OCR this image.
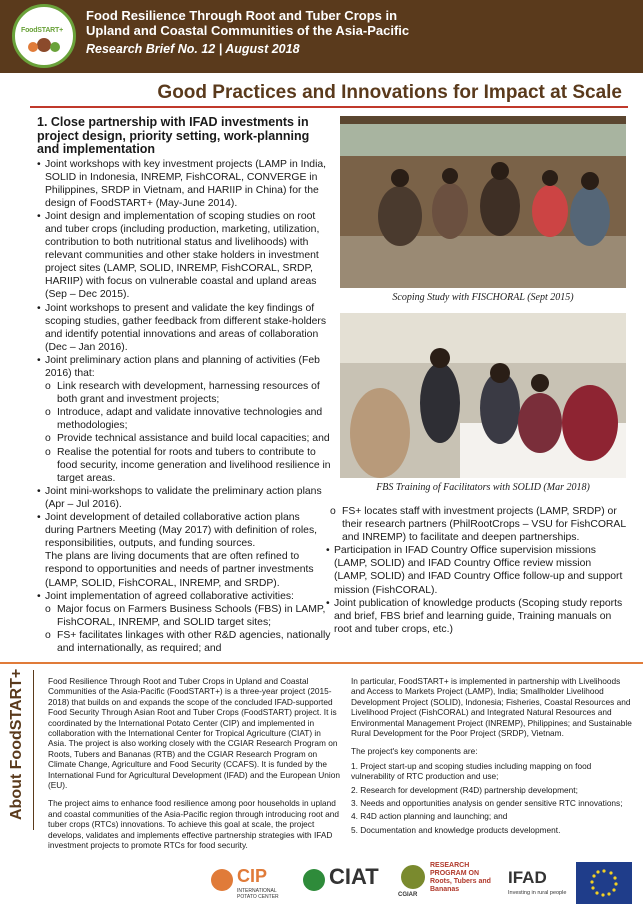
FoodSTART+
Food Resilience Through Root and Tuber Crops in Upland and Coastal Communities of the Asia-Pacific
Research Brief No. 12 | August 2018
Good Practices and Innovations for Impact at Scale
1. Close partnership with IFAD investments in project design, priority setting, work-planning and implementation
• Joint workshops with key investment projects (LAMP in India, SOLID in Indonesia, INREMP, FishCORAL, CONVERGE in Philippines, SRDP in Vietnam, and HARIIP in China) for the design of FoodSTART+ (May-June 2014).
• Joint design and implementation of scoping studies on root and tuber crops (including production, marketing, utilization, contribution to both nutritional status and livelihoods) with relevant communities and other stake holders in investment project sites (LAMP, SOLID, INREMP, FishCORAL, SRDP, HARIIP) with focus on vulnerable coastal and upland areas (Sep – Dec 2015).
• Joint workshops to present and validate the key findings of scoping studies, gather feedback from different stake-holders and identify potential innovations and areas of collaboration (Dec – Jan 2016).
• Joint preliminary action plans and planning of activities (Feb 2016) that:
o Link research with development, harnessing resources of both grant and investment projects;
o Introduce, adapt and validate innovative technologies and methodologies;
o Provide technical assistance and build local capacities; and
o Realise the potential for roots and tubers to contribute to food security, income generation and livelihood resilience in target areas.
• Joint mini-workshops to validate the preliminary action plans (Apr – Jul 2016).
• Joint development of detailed collaborative action plans during Partners Meeting (May 2017) with definition of roles, responsibilities, outputs, and funding sources.
The plans are living documents that are often refined to respond to opportunities and needs of partner investments (LAMP, SOLID, FishCORAL, INREMP, and SRDP).
• Joint implementation of agreed collaborative activities:
o Major focus on Farmers Business Schools (FBS) in LAMP, FishCORAL, INREMP, and SOLID target sites;
o FS+ facilitates linkages with other R&D agencies, nationally and internationally, as required; and
Scoping Study with FISCHORAL (Sept 2015)
FBS Training of Facilitators with SOLID (Mar 2018)
o FS+ locates staff with investment projects (LAMP, SRDP) or their research partners (PhilRootCrops – VSU for FishCORAL and INREMP) to facilitate and deepen partnerships.
• Participation in IFAD Country Office supervision missions (LAMP, SOLID) and IFAD Country Office review mission (LAMP, SOLID) and IFAD Country Office follow-up and support mission (FishCORAL).
• Joint publication of knowledge products (Scoping study reports and brief, FBS brief and learning guide, Training manuals on root and tuber crops, etc.)
About FoodSTART+	Food Resilience Through Root and Tuber Crops in Upland and Coastal Communities of the Asia-Pacific (FoodSTART+) is a three-year project (2015-2018) that builds on and expands the scope of the concluded IFAD-supported Food Security Through Asian Root and Tuber Crops (FoodSTART) project. It is coordinated by the International Potato Center (CIP) and implemented in collaboration with the International Center for Tropical Agriculture (CIAT) in Asia. The project is also working closely with the CGIAR Research Program on Roots, Tubers and Bananas (RTB) and the CGIAR Research Program on Climate Change, Agriculture and Food Security (CCAFS). It is funded by the International Fund for Agricultural Development (IFAD) and the European Union (EU).

The project aims to enhance food resilience among poor households in upland and coastal communities of the Asia-Pacific region through introducing root and tuber crops (RTCs) innovations. To achieve this goal at scale, the project develops, validates and implements effective partnership strategies with IFAD investment projects to promote RTCs for food security.

In particular, FoodSTART+ is implemented in partnership with Livelihoods and Access to Markets Project (LAMP), India; Smallholder Livelihood Development Project (SOLID), Indonesia; Fisheries, Coastal Resources and Livelihood Project (FishCORAL) and Integrated Natural Resources and Environmental Management Project (INREMP), Philippines; and Sustainable Rural Development for the Poor Project (SRDP), Vietnam.

The project's key components are:

1. Project start-up and scoping studies including mapping on food vulnerability of RTC production and use;
2. Research for development (R4D) partnership development;
3. Needs and opportunities analysis on gender sensitive RTC innovations;
4. R4D action planning and launching; and
5. Documentation and knowledge products development.
CIP
INTERNATIONAL POTATO CENTER
CIAT
CGIAR
RESEARCH PROGRAM ON Roots, Tubers and Bananas
IFAD
Investing in rural people
